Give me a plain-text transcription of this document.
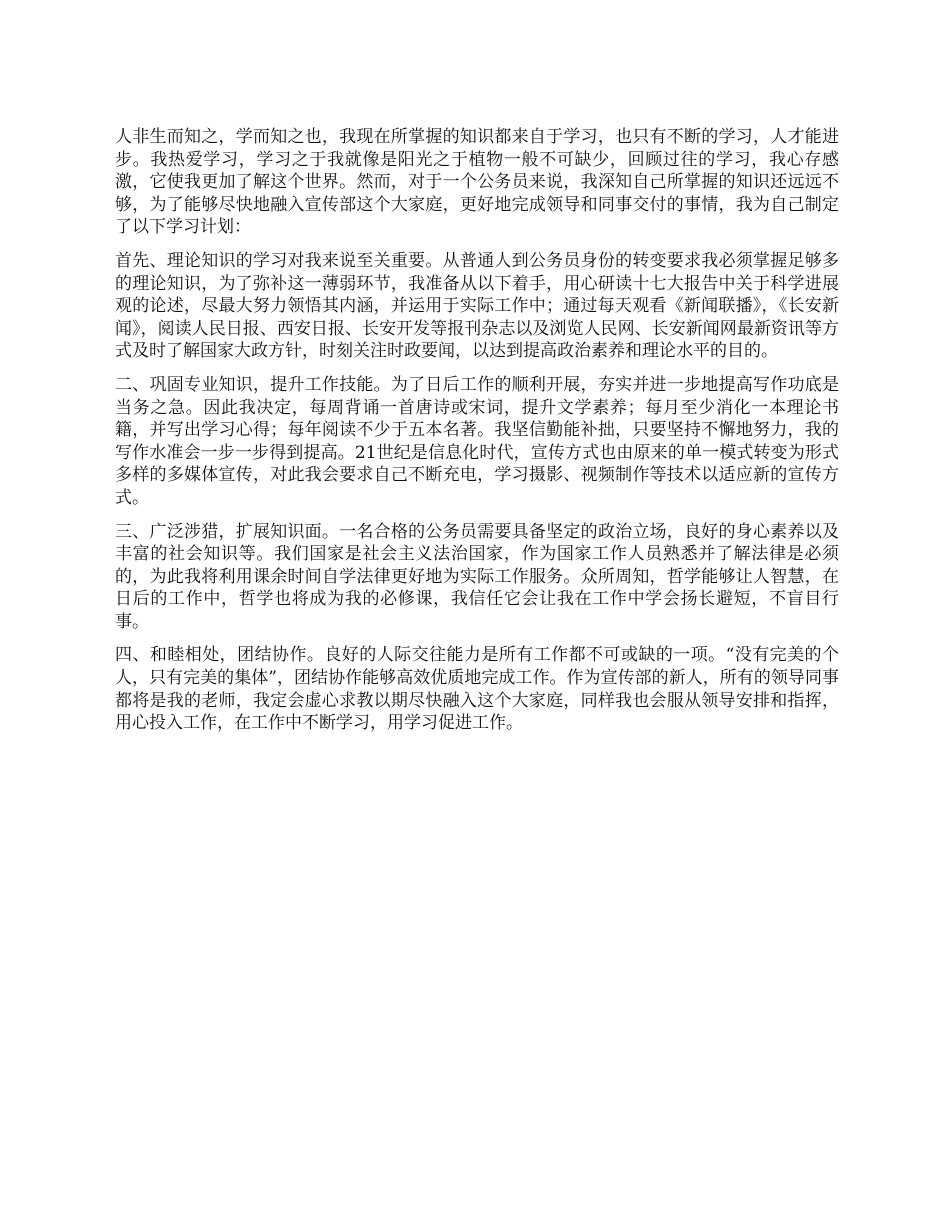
人非生而知之，学而知之也，我现在所掌握的知识都来自于学习，也只有不断的学习，人才能进步。我热爱学习，学习之于我就像是阳光之于植物一般不可缺少，回顾过往的学习，我心存感激，它使我更加了解这个世界。然而，对于一个公务员来说，我深知自己所掌握的知识还远远不够，为了能够尽快地融入宣传部这个大家庭，更好地完成领导和同事交付的事情，我为自己制定了以下学习计划：

首先、理论知识的学习对我来说至关重要。从普通人到公务员身份的转变要求我必须掌握足够多的理论知识，为了弥补这一薄弱环节，我准备从以下着手，用心研读十七大报告中关于科学进展观的论述，尽最大努力领悟其内涵，并运用于实际工作中；通过每天观看《新闻联播》，《长安新闻》，阅读人民日报、西安日报、长安开发等报刊杂志以及浏览人民网、长安新闻网最新资讯等方式及时了解国家大政方针，时刻关注时政要闻，以达到提高政治素养和理论水平的目的。

二、巩固专业知识，提升工作技能。为了日后工作的顺利开展，夯实并进一步地提高写作功底是当务之急。因此我决定，每周背诵一首唐诗或宋词，提升文学素养；每月至少消化一本理论书籍，并写出学习心得；每年阅读不少于五本名著。我坚信勤能补拙，只要坚持不懈地努力，我的写作水准会一步一步得到提高。21世纪是信息化时代，宣传方式也由原来的单一模式转变为形式多样的多媒体宣传，对此我会要求自己不断充电，学习摄影、视频制作等技术以适应新的宣传方式。

三、广泛涉猎，扩展知识面。一名合格的公务员需要具备坚定的政治立场，良好的身心素养以及丰富的社会知识等。我们国家是社会主义法治国家，作为国家工作人员熟悉并了解法律是必须的，为此我将利用课余时间自学法律更好地为实际工作服务。众所周知，哲学能够让人智慧，在日后的工作中，哲学也将成为我的必修课，我信任它会让我在工作中学会扬长避短，不盲目行事。

四、和睦相处，团结协作。良好的人际交往能力是所有工作都不可或缺的一项。“没有完美的个人，只有完美的集体”，团结协作能够高效优质地完成工作。作为宣传部的新人，所有的领导同事都将是我的老师，我定会虚心求教以期尽快融入这个大家庭，同样我也会服从领导安排和指挥，用心投入工作，在工作中不断学习，用学习促进工作。
